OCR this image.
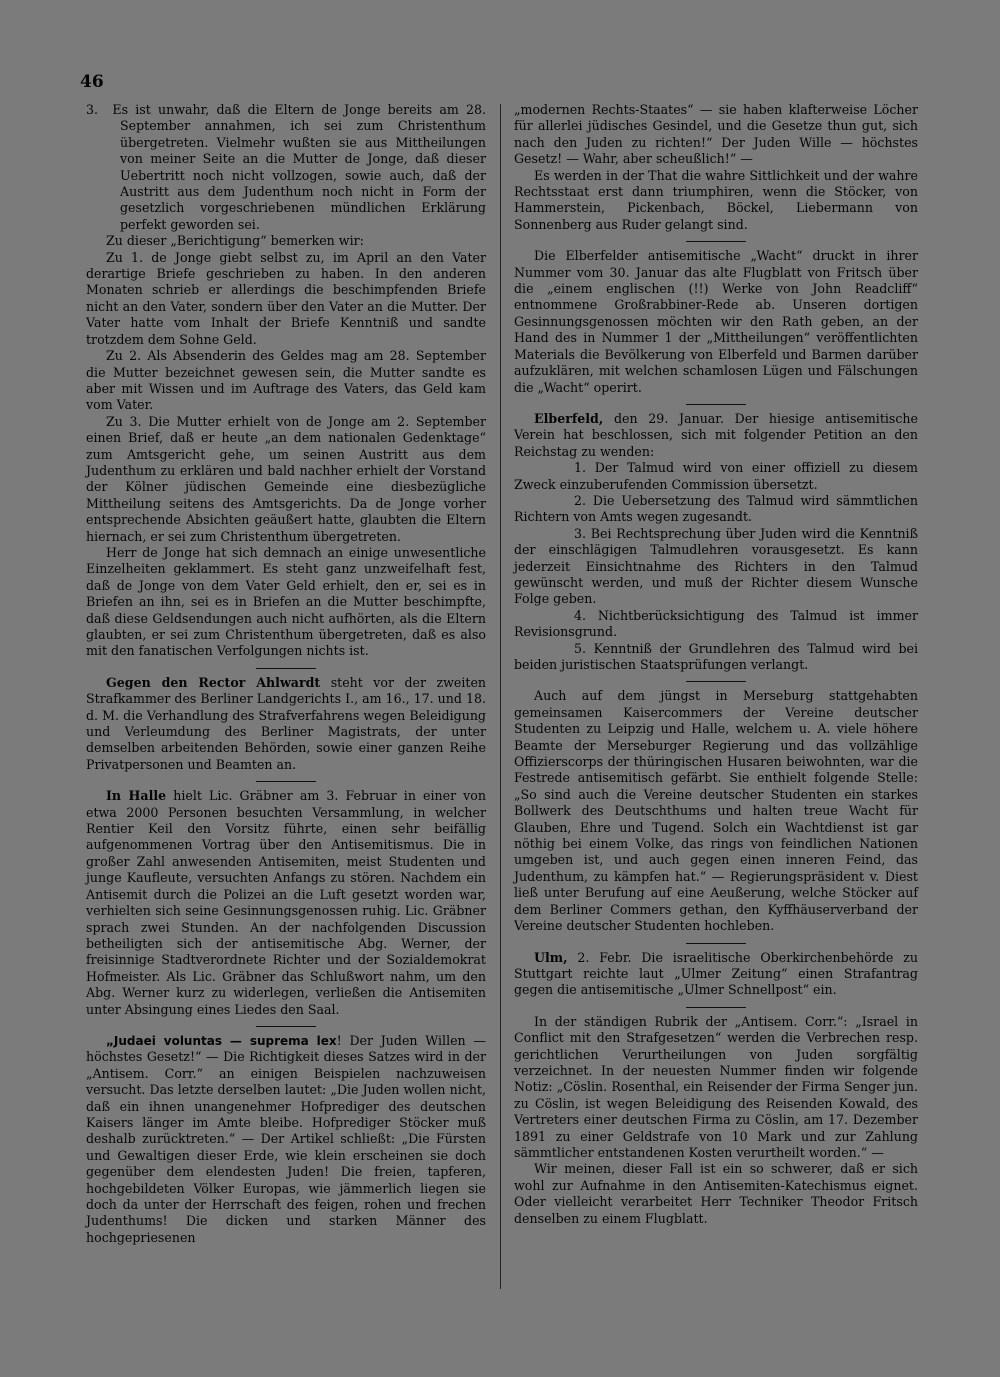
46

3. Es ist unwahr, daß die Eltern de Jonge bereits am 28. September annahmen, ich sei zum Christenthum übergetreten. Vielmehr wußten sie aus Mittheilungen von meiner Seite an die Mutter de Jonge, daß dieser Uebertritt noch nicht vollzogen, sowie auch, daß der Austritt aus dem Judenthum noch nicht in Form der gesetzlich vorgeschriebenen mündlichen Erklärung perfekt geworden sei.

Zu dieser „Berichtigung“ bemerken wir:

Zu 1. de Jonge giebt selbst zu, im April an den Vater derartige Briefe geschrieben zu haben. In den anderen Monaten schrieb er allerdings die beschimpfenden Briefe nicht an den Vater, sondern über den Vater an die Mutter. Der Vater hatte vom Inhalt der Briefe Kenntniß und sandte trotzdem dem Sohne Geld.

Zu 2. Als Absenderin des Geldes mag am 28. September die Mutter bezeichnet gewesen sein, die Mutter sandte es aber mit Wissen und im Auftrage des Vaters, das Geld kam vom Vater.

Zu 3. Die Mutter erhielt von de Jonge am 2. September einen Brief, daß er heute „an dem nationalen Gedenktage“ zum Amtsgericht gehe, um seinen Austritt aus dem Judenthum zu erklären und bald nachher erhielt der Vorstand der Kölner jüdischen Gemeinde eine diesbezügliche Mittheilung seitens des Amtsgerichts. Da de Jonge vorher entsprechende Absichten geäußert hatte, glaubten die Eltern hiernach, er sei zum Christenthum übergetreten.

Herr de Jonge hat sich demnach an einige unwesentliche Einzelheiten geklammert. Es steht ganz unzweifelhaft fest, daß de Jonge von dem Vater Geld erhielt, den er, sei es in Briefen an ihn, sei es in Briefen an die Mutter beschimpfte, daß diese Geldsendungen auch nicht aufhörten, als die Eltern glaubten, er sei zum Christenthum übergetreten, daß es also mit den fanatischen Verfolgungen nichts ist.

Gegen den Rector Ahlwardt steht vor der zweiten Strafkammer des Berliner Landgerichts I., am 16., 17. und 18. d. M. die Verhandlung des Strafverfahrens wegen Beleidigung und Verleumdung des Berliner Magistrats, der unter demselben arbeitenden Behörden, sowie einer ganzen Reihe Privatpersonen und Beamten an.

In Halle hielt Lic. Gräbner am 3. Februar in einer von etwa 2000 Personen besuchten Versammlung, in welcher Rentier Keil den Vorsitz führte, einen sehr beifällig aufgenommenen Vortrag über den Antisemitismus. Die in großer Zahl anwesenden Antisemiten, meist Studenten und junge Kaufleute, versuchten Anfangs zu stören. Nachdem ein Antisemit durch die Polizei an die Luft gesetzt worden war, verhielten sich seine Gesinnungsgenossen ruhig. Lic. Gräbner sprach zwei Stunden. An der nachfolgenden Discussion betheiligten sich der antisemitische Abg. Werner, der freisinnige Stadtverordnete Richter und der Sozialdemokrat Hofmeister. Als Lic. Gräbner das Schlußwort nahm, um den Abg. Werner kurz zu widerlegen, verließen die Antisemiten unter Absingung eines Liedes den Saal.

„Judaei voluntas — suprema lex! Der Juden Willen — höchstes Gesetz!“ — Die Richtigkeit dieses Satzes wird in der „Antisem. Corr.“ an einigen Beispielen nachzuweisen versucht. Das letzte derselben lautet: „Die Juden wollen nicht, daß ein ihnen unangenehmer Hofprediger des deutschen Kaisers länger im Amte bleibe. Hofprediger Stöcker muß deshalb zurücktreten.“ — Der Artikel schließt: „Die Fürsten und Gewaltigen dieser Erde, wie klein erscheinen sie doch gegenüber dem elendesten Juden! Die freien, tapferen, hochgebildeten Völker Europas, wie jämmerlich liegen sie doch da unter der Herrschaft des feigen, rohen und frechen Judenthums! Die dicken und starken Männer des hochgepriesenen

„modernen Rechts-Staates“ — sie haben klafterweise Löcher für allerlei jüdisches Gesindel, und die Gesetze thun gut, sich nach den Juden zu richten!“ Der Juden Wille — höchstes Gesetz! — Wahr, aber scheußlich!“ —

Es werden in der That die wahre Sittlichkeit und der wahre Rechtsstaat erst dann triumphiren, wenn die Stöcker, von Hammerstein, Pickenbach, Böckel, Liebermann von Sonnenberg aus Ruder gelangt sind.

Die Elberfelder antisemitische „Wacht“ druckt in ihrer Nummer vom 30. Januar das alte Flugblatt von Fritsch über die „einem englischen (!!) Werke von John Readcliff“ entnommene Großrabbiner-Rede ab. Unseren dortigen Gesinnungsgenossen möchten wir den Rath geben, an der Hand des in Nummer 1 der „Mittheilungen“ veröffentlichten Materials die Bevölkerung von Elberfeld und Barmen darüber aufzuklären, mit welchen schamlosen Lügen und Fälschungen die „Wacht“ operirt.

Elberfeld, den 29. Januar. Der hiesige antisemitische Verein hat beschlossen, sich mit folgender Petition an den Reichstag zu wenden:

1. Der Talmud wird von einer offiziell zu diesem Zweck einzuberufenden Commission übersetzt.

2. Die Uebersetzung des Talmud wird sämmtlichen Richtern von Amts wegen zugesandt.

3. Bei Rechtsprechung über Juden wird die Kenntniß der einschlägigen Talmudlehren vorausgesetzt. Es kann jederzeit Einsichtnahme des Richters in den Talmud gewünscht werden, und muß der Richter diesem Wunsche Folge geben.

4. Nichtberücksichtigung des Talmud ist immer Revisionsgrund.

5. Kenntniß der Grundlehren des Talmud wird bei beiden juristischen Staatsprüfungen verlangt.

Auch auf dem jüngst in Merseburg stattgehabten gemeinsamen Kaisercommers der Vereine deutscher Studenten zu Leipzig und Halle, welchem u. A. viele höhere Beamte der Merseburger Regierung und das vollzählige Offizierscorps der thüringischen Husaren beiwohnten, war die Festrede antisemitisch gefärbt. Sie enthielt folgende Stelle: „So sind auch die Vereine deutscher Studenten ein starkes Bollwerk des Deutschthums und halten treue Wacht für Glauben, Ehre und Tugend. Solch ein Wachtdienst ist gar nöthig bei einem Volke, das rings von feindlichen Nationen umgeben ist, und auch gegen einen inneren Feind, das Judenthum, zu kämpfen hat.“ — Regierungspräsident v. Diest ließ unter Berufung auf eine Aeußerung, welche Stöcker auf dem Berliner Commers gethan, den Kyffhäuserverband der Vereine deutscher Studenten hochleben.

Ulm, 2. Febr. Die israelitische Oberkirchenbehörde zu Stuttgart reichte laut „Ulmer Zeitung“ einen Strafantrag gegen die antisemitische „Ulmer Schnellpost“ ein.

In der ständigen Rubrik der „Antisem. Corr.“: „Israel in Conflict mit den Strafgesetzen“ werden die Verbrechen resp. gerichtlichen Verurtheilungen von Juden sorgfältig verzeichnet. In der neuesten Nummer finden wir folgende Notiz: „Cöslin. Rosenthal, ein Reisender der Firma Senger jun. zu Cöslin, ist wegen Beleidigung des Reisenden Kowald, des Vertreters einer deutschen Firma zu Cöslin, am 17. Dezember 1891 zu einer Geldstrafe von 10 Mark und zur Zahlung sämmtlicher entstandenen Kosten verurtheilt worden.“ —

Wir meinen, dieser Fall ist ein so schwerer, daß er sich wohl zur Aufnahme in den Antisemiten-Katechismus eignet. Oder vielleicht verarbeitet Herr Techniker Theodor Fritsch denselben zu einem Flugblatt.
